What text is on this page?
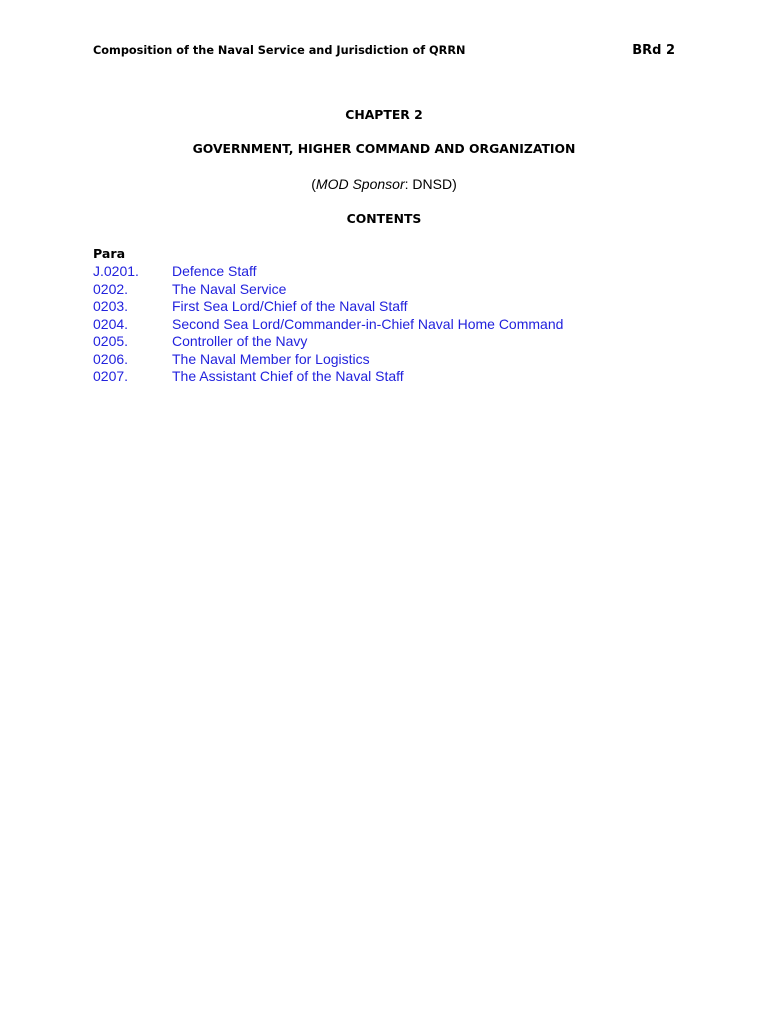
Composition of the Naval Service and Jurisdiction of QRRN	BRd 2
CHAPTER 2
GOVERNMENT, HIGHER COMMAND AND ORGANIZATION
(MOD Sponsor: DNSD)
CONTENTS
Para
J.0201.	Defence Staff
0202.	The Naval Service
0203.	First Sea Lord/Chief of the Naval Staff
0204.	Second Sea Lord/Commander-in-Chief Naval Home Command
0205.	Controller of the Navy
0206.	The Naval Member for Logistics
0207.	The Assistant Chief of the Naval Staff
